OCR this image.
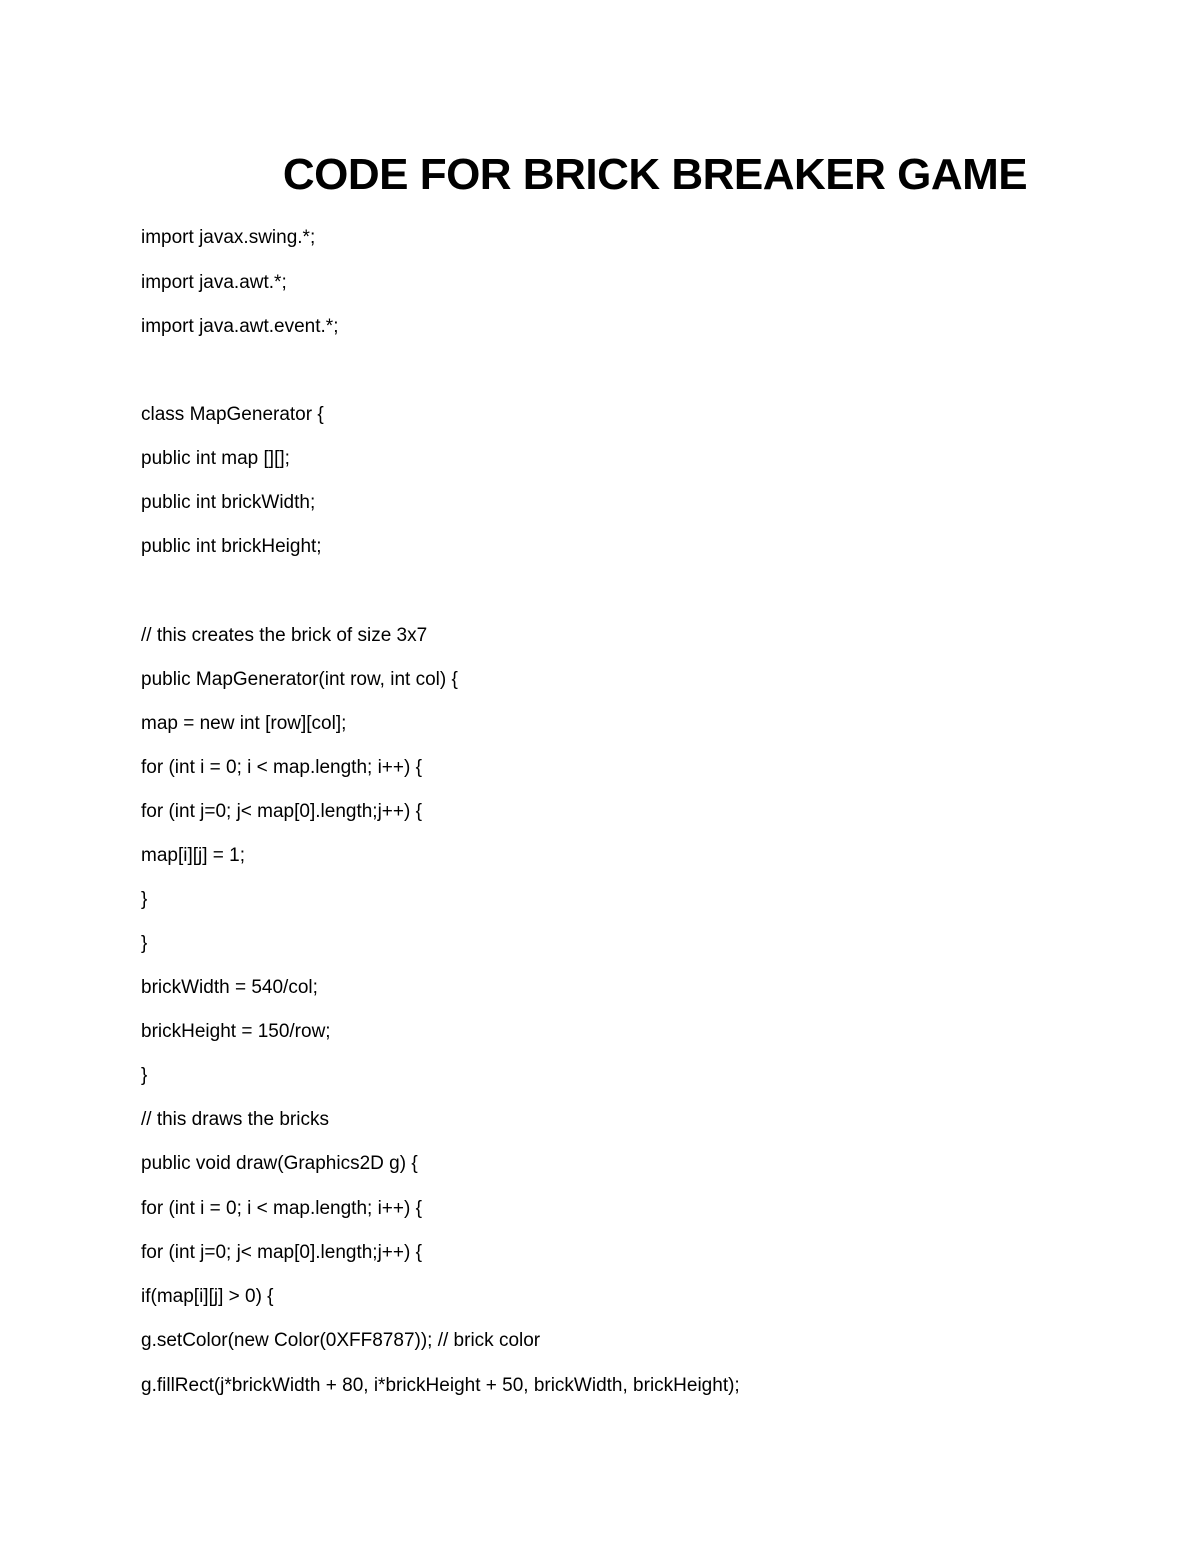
CODE FOR BRICK BREAKER GAME
import javax.swing.*;
import java.awt.*;
import java.awt.event.*;
class MapGenerator {
public int map [][];
public int brickWidth;
public int brickHeight;
// this creates the brick of size 3x7
public MapGenerator(int row, int col) {
map = new int [row][col];
for (int i = 0; i < map.length; i++) {
for (int j=0; j< map[0].length;j++) {
map[i][j] = 1;
}
}
brickWidth = 540/col;
brickHeight = 150/row;
}
// this draws the bricks
public void draw(Graphics2D g) {
for (int i = 0; i < map.length; i++) {
for (int j=0; j< map[0].length;j++) {
if(map[i][j] > 0) {
g.setColor(new Color(0XFF8787)); // brick color
g.fillRect(j*brickWidth + 80, i*brickHeight + 50, brickWidth, brickHeight);
